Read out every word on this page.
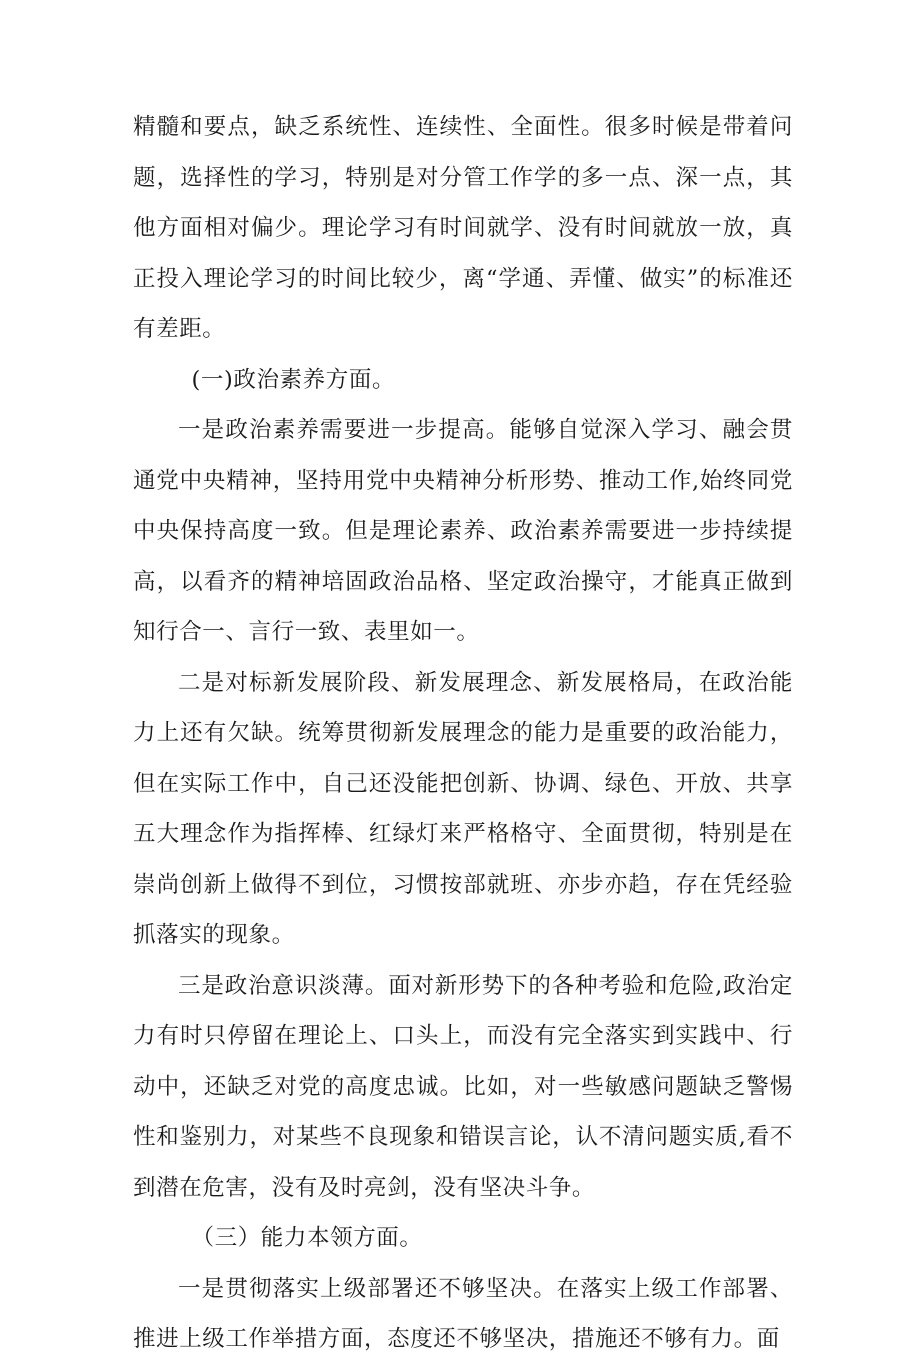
精髓和要点，缺乏系统性、连续性、全面性。很多时候是带着问题，选择性的学习，特别是对分管工作学的多一点、深一点，其他方面相对偏少。理论学习有时间就学、没有时间就放一放，真正投入理论学习的时间比较少，离“学通、弄懂、做实”的标准还有差距。

(一)政治素养方面。

一是政治素养需要进一步提高。能够自觉深入学习、融会贯通党中央精神，坚持用党中央精神分析形势、推动工作,始终同党中央保持高度一致。但是理论素养、政治素养需要进一步持续提高，以看齐的精神培固政治品格、坚定政治操守，才能真正做到知行合一、言行一致、表里如一。

二是对标新发展阶段、新发展理念、新发展格局，在政治能力上还有欠缺。统筹贯彻新发展理念的能力是重要的政治能力，但在实际工作中，自己还没能把创新、协调、绿色、开放、共享五大理念作为指挥棒、红绿灯来严格格守、全面贯彻，特别是在崇尚创新上做得不到位，习惯按部就班、亦步亦趋，存在凭经验抓落实的现象。

三是政治意识淡薄。面对新形势下的各种考验和危险,政治定力有时只停留在理论上、口头上，而没有完全落实到实践中、行动中，还缺乏对党的高度忠诚。比如，对一些敏感问题缺乏警惕性和鉴别力，对某些不良现象和错误言论，认不清问题实质,看不到潜在危害，没有及时亮剑，没有坚决斗争。

（三）能力本领方面。

一是贯彻落实上级部署还不够坚决。在落实上级工作部署、推进上级工作举措方面，态度还不够坚决，措施还不够有力。面
